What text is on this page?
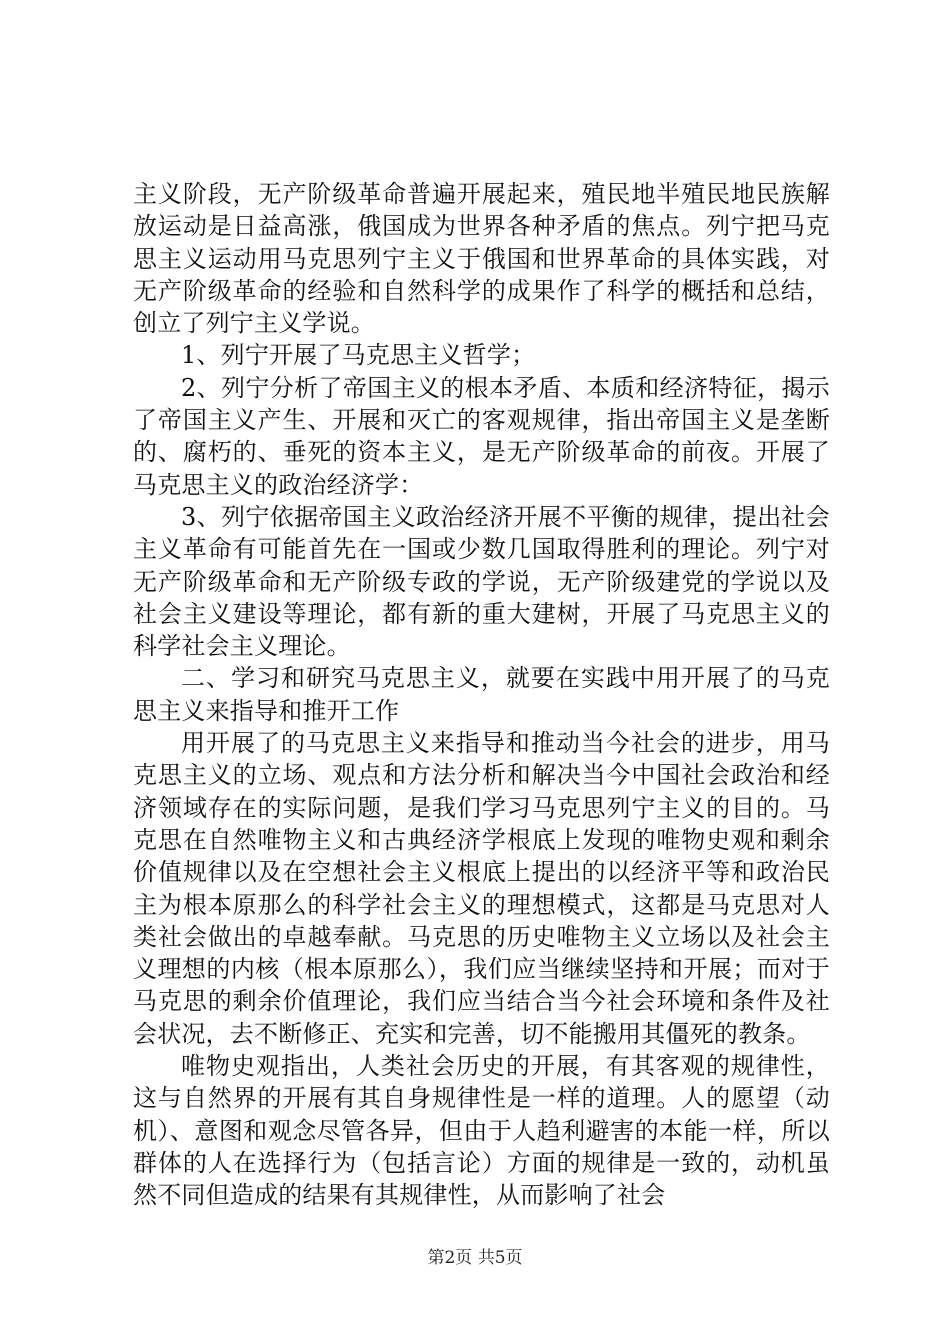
主义阶段，无产阶级革命普遍开展起来，殖民地半殖民地民族解放运动是日益高涨，俄国成为世界各种矛盾的焦点。列宁把马克思主义运动用马克思列宁主义于俄国和世界革命的具体实践，对无产阶级革命的经验和自然科学的成果作了科学的概括和总结，创立了列宁主义学说。

1、列宁开展了马克思主义哲学；

2、列宁分析了帝国主义的根本矛盾、本质和经济特征，揭示了帝国主义产生、开展和灭亡的客观规律，指出帝国主义是垄断的、腐朽的、垂死的资本主义，是无产阶级革命的前夜。开展了马克思主义的政治经济学：

3、列宁依据帝国主义政治经济开展不平衡的规律，提出社会主义革命有可能首先在一国或少数几国取得胜利的理论。列宁对无产阶级革命和无产阶级专政的学说，无产阶级建党的学说以及社会主义建设等理论，都有新的重大建树，开展了马克思主义的科学社会主义理论。

二、学习和研究马克思主义，就要在实践中用开展了的马克思主义来指导和推开工作

用开展了的马克思主义来指导和推动当今社会的进步，用马克思主义的立场、观点和方法分析和解决当今中国社会政治和经济领域存在的实际问题，是我们学习马克思列宁主义的目的。马克思在自然唯物主义和古典经济学根底上发现的唯物史观和剩余价值规律以及在空想社会主义根底上提出的以经济平等和政治民主为根本原那么的科学社会主义的理想模式，这都是马克思对人类社会做出的卓越奉献。马克思的历史唯物主义立场以及社会主义理想的内核（根本原那么），我们应当继续坚持和开展；而对于马克思的剩余价值理论，我们应当结合当今社会环境和条件及社会状况，去不断修正、充实和完善，切不能搬用其僵死的教条。

唯物史观指出，人类社会历史的开展，有其客观的规律性，这与自然界的开展有其自身规律性是一样的道理。人的愿望（动机）、意图和观念尽管各异，但由于人趋利避害的本能一样，所以群体的人在选择行为（包括言论）方面的规律是一致的，动机虽然不同但造成的结果有其规律性，从而影响了社会

第2页 共5页
